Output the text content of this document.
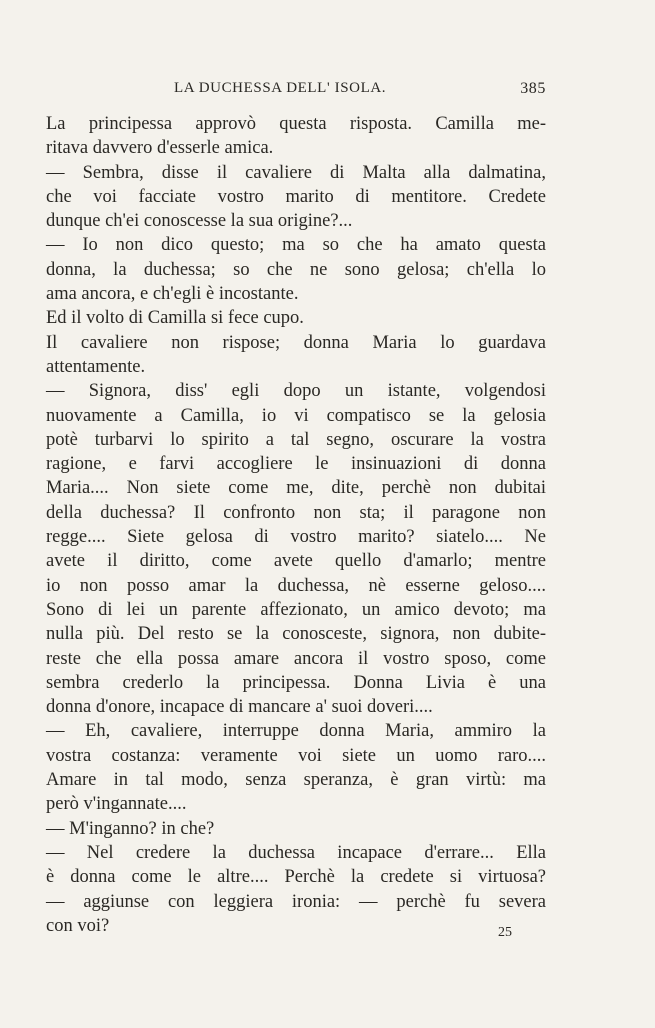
LA DUCHESSA DELL' ISOLA.	385
La principessa approvò questa risposta. Camilla me-
ritava davvero d'esserle amica.
— Sembra, disse il cavaliere di Malta alla dalmatina,
che voi facciate vostro marito di mentitore. Credete
dunque ch'ei conoscesse la sua origine?...
— Io non dico questo; ma so che ha amato questa
donna, la duchessa; so che ne sono gelosa; ch'ella lo
ama ancora, e ch'egli è incostante.
Ed il volto di Camilla si fece cupo.
Il cavaliere non rispose; donna Maria lo guardava
attentamente.
— Signora, diss' egli dopo un istante, volgendosi
nuovamente a Camilla, io vi compatisco se la gelosia
potè turbarvi lo spirito a tal segno, oscurare la vostra
ragione, e farvi accogliere le insinuazioni di donna
Maria.... Non siete come me, dite, perchè non dubitai
della duchessa? Il confronto non sta; il paragone non
regge.... Siete gelosa di vostro marito? siatelo.... Ne
avete il diritto, come avete quello d'amarlo; mentre
io non posso amar la duchessa, nè esserne geloso....
Sono di lei un parente affezionato, un amico devoto; ma
nulla più. Del resto se la conosceste, signora, non dubite-
reste che ella possa amare ancora il vostro sposo, come
sembra crederlo la principessa. Donna Livia è una
donna d'onore, incapace di mancare a' suoi doveri....
— Eh, cavaliere, interruppe donna Maria, ammiro la
vostra costanza: veramente voi siete un uomo raro....
Amare in tal modo, senza speranza, è gran virtù: ma
però v'ingannate....
— M'inganno? in che?
— Nel credere la duchessa incapace d'errare... Ella
è donna come le altre.... Perchè la credete si virtuosa?
— aggiunse con leggiera ironia: — perchè fu severa
con voi?	25
